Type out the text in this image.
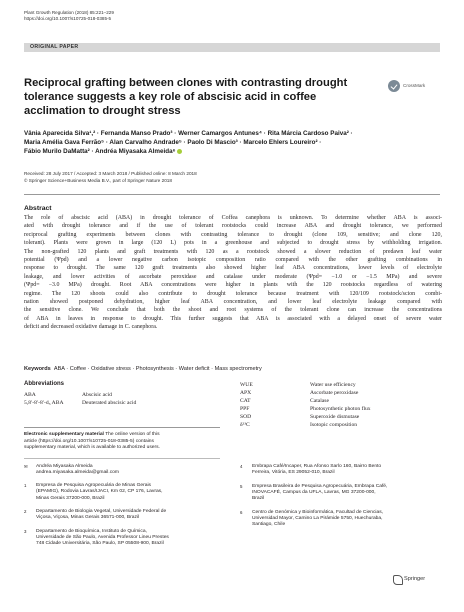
Plant Growth Regulation (2018) 85:221–229
https://doi.org/10.1007/s10725-018-0385-5
ORIGINAL PAPER
Reciprocal grafting between clones with contrasting drought tolerance suggests a key role of abscisic acid in coffee acclimation to drought stress
CrossMark
Vânia Aparecida Silva¹,² · Fernanda Manso Prado³ · Werner Camargos Antunes⁴ · Rita Márcia Cardoso Paiva² ·
Maria Amélia Gava Ferrão⁵ · Alan Carvalho Andrade⁵ · Paolo Di Mascio³ · Marcelo Ehlers Loureiro² ·
Fábio Murilo DaMatta² · Andréa Miyasaka Almeida⁶
Received: 28 July 2017 / Accepted: 3 March 2018 / Published online: 8 March 2018
© Springer Science+Business Media B.V., part of Springer Nature 2018
Abstract
The role of abscisic acid (ABA) in drought tolerance of Coffea canephora is unknown. To determine whether ABA is associ-
ated with drought tolerance and if the use of tolerant rootstocks could increase ABA and drought tolerance, we performed
reciprocal grafting experiments between clones with contrasting tolerance to drought (clone 109, sensitive; and clone 120,
tolerant). Plants were grown in large (120 L) pots in a greenhouse and subjected to drought stress by withholding irrigation.
The non-grafted 120 plants and graft treatments with 120 as a rootstock showed a slower reduction of predawn leaf water
potential (Ψpd) and a lower negative carbon isotopic composition ratio compared with the other grafting combinations in
response to drought. The same 120 graft treatments also showed higher leaf ABA concentrations, lower levels of electrolyte
leakage, and lower activities of ascorbate peroxidase and catalase under moderate (Ψpd= −1.0 or −1.5 MPa) and severe
(Ψpd= −3.0 MPa) drought. Root ABA concentrations were higher in plants with the 120 rootstocks regardless of watering
regime. The 120 shoots could also contribute to drought tolerance because treatment with 120/109 rootstock/scion combi-
nation showed postponed dehydration, higher leaf ABA concentration, and lower leaf electrolyte leakage compared with
the sensitive clone. We conclude that both the shoot and root systems of the tolerant clone can increase the concentrations
of ABA in leaves in response to drought. This further suggests that ABA is associated with a delayed onset of severe water
deficit and decreased oxidative damage in C. canephora.
Keywords ABA · Coffee · Oxidative stress · Photosynthesis · Water deficit · Mass spectrometry
Abbreviations
ABA	Abscisic acid
5,8′-8′-8′-d₃ ABA	Deuterated abscisic acid
WUE	Water use efficiency
APX	Ascorbate peroxidase
CAT	Catalase
PPF	Photosynthetic photon flux
SOD	Superoxide dismutase
δ¹³C	Isotopic composition
Electronic supplementary material The online version of this
article (https://doi.org/10.1007/s10725-018-0385-5) contains
supplementary material, which is available to authorized users.
✉ Andréa Miyasaka Almeida
andrea.miyasaka.almeida@gmail.com
1 Empresa de Pesquisa Agropecuária de Minas Gerais
(EPAMIG), Rodovia Lavras/IJACI, Km 02, CP 176, Lavras,
Minas Gerais 37200-000, Brazil
2 Departamento de Biologia Vegetal, Universidade Federal de
Viçosa, Viçosa, Minas Gerais 36571-000, Brazil
3 Departamento de Bioquímica, Instituto de Química,
Universidade de São Paulo, Avenida Professor Lineu Prestes
748 Cidade Universitária, São Paulo, SP 05508-900, Brazil
4 Embrapa Café/Incaper, Rua Afonso Sarlo 160, Bairro Bento
Ferreira, Vitória, ES 29052-010, Brazil
5 Empresa Brasileira de Pesquisa Agropecuária, Embrapa Café,
INOVACAFÉ, Campus da UFLA, Lavras, MG 37200-000,
Brazil
6 Centro de Genómica y Bioinformática, Facultad de Ciencias,
Universidad Mayor, Camino La Pirámide 5750, Huechuraba,
Santiago, Chile
Springer
